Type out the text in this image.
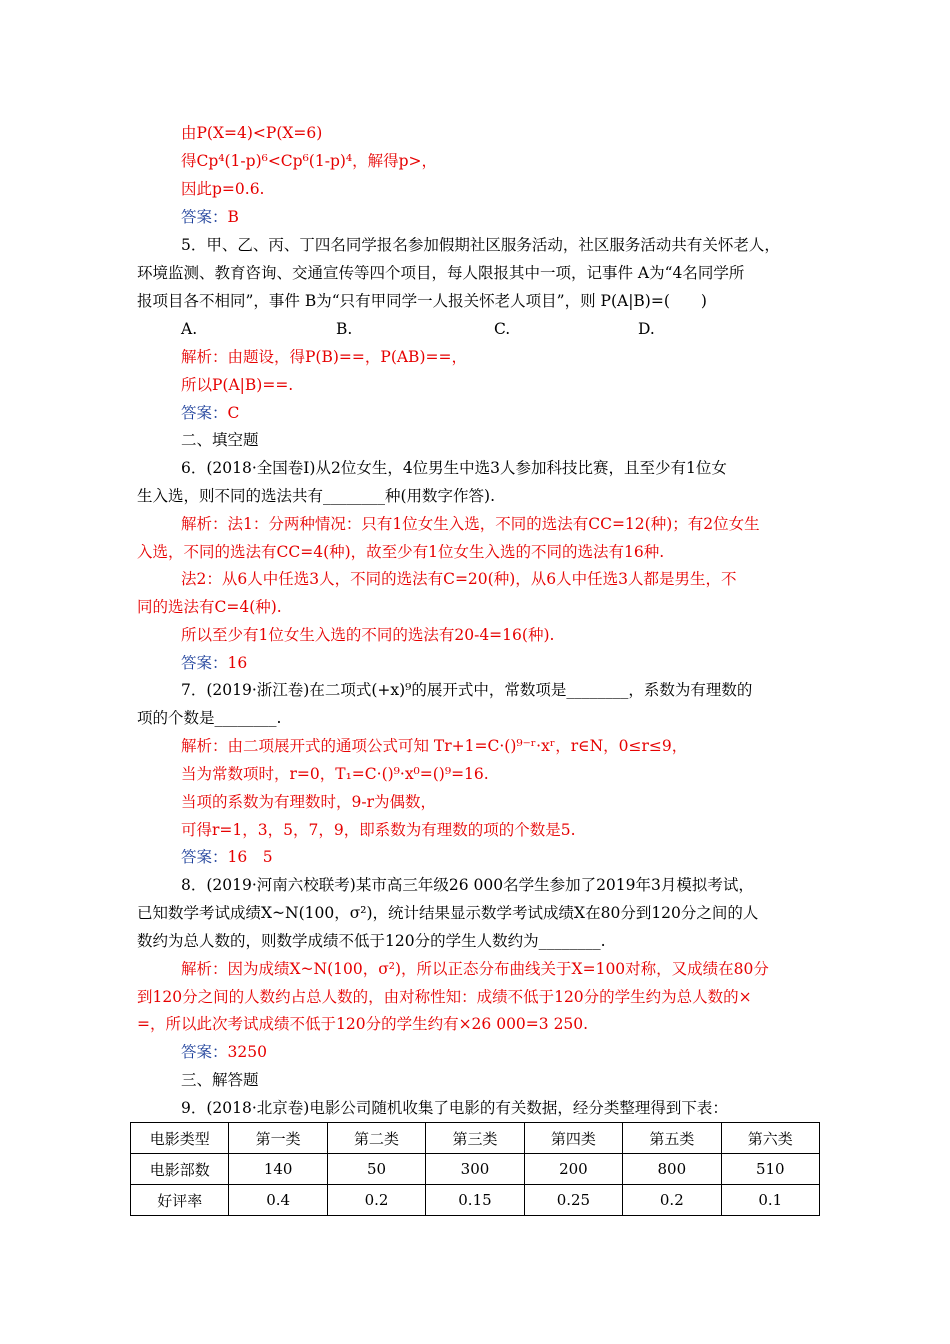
由P(X=4)<P(X=6)
得Cp⁴(1-p)⁶<Cp⁶(1-p)⁴，解得p>，
因此p=0.6.
答案：B
5．甲、乙、丙、丁四名同学报名参加假期社区服务活动，社区服务活动共有关怀老人，
环境监测、教育咨询、交通宣传等四个项目，每人限报其中一项，记事件 A为“4名同学所
报项目各不相同”，事件 B为“只有甲同学一人报关怀老人项目”，则 P(A|B)=(　　)
A.	B.	C.	D.
解析：由题设，得P(B)==，P(AB)==，
所以P(A|B)==.
答案：C
二、填空题
6．(2018·全国卷Ⅰ)从2位女生，4位男生中选3人参加科技比赛，且至少有1位女
生入选，则不同的选法共有________种(用数字作答).
解析：法1：分两种情况：只有1位女生入选，不同的选法有CC=12(种)；有2位女生
入选，不同的选法有CC=4(种)，故至少有1位女生入选的不同的选法有16种.
法2：从6人中任选3人，不同的选法有C=20(种)，从6人中任选3人都是男生，不
同的选法有C=4(种).
所以至少有1位女生入选的不同的选法有20-4=16(种).
答案：16
7．(2019·浙江卷)在二项式(+x)⁹的展开式中，常数项是________，系数为有理数的
项的个数是________.
解析：由二项展开式的通项公式可知 Tr+1=C·()⁹⁻ʳ·xʳ，r∈N，0≤r≤9，
当为常数项时，r=0，T₁=C·()⁹·x⁰=()⁹=16.
当项的系数为有理数时，9-r为偶数，
可得r=1，3，5，7，9，即系数为有理数的项的个数是5.
答案：16　5
8．(2019·河南六校联考)某市高三年级26 000名学生参加了2019年3月模拟考试，
已知数学考试成绩X~N(100，σ²)，统计结果显示数学考试成绩X在80分到120分之间的人
数约为总人数的，则数学成绩不低于120分的学生人数约为________.
解析：因为成绩X~N(100，σ²)，所以正态分布曲线关于X=100对称，又成绩在80分
到120分之间的人数约占总人数的，由对称性知：成绩不低于120分的学生约为总人数的×
=，所以此次考试成绩不低于120分的学生约有×26 000=3 250.
答案：3250
三、解答题
9．(2018·北京卷)电影公司随机收集了电影的有关数据，经分类整理得到下表：
电影类型	第一类	第二类	第三类	第四类	第五类	第六类
电影部数	140	50	300	200	800	510
好评率	0.4	0.2	0.15	0.25	0.2	0.1
